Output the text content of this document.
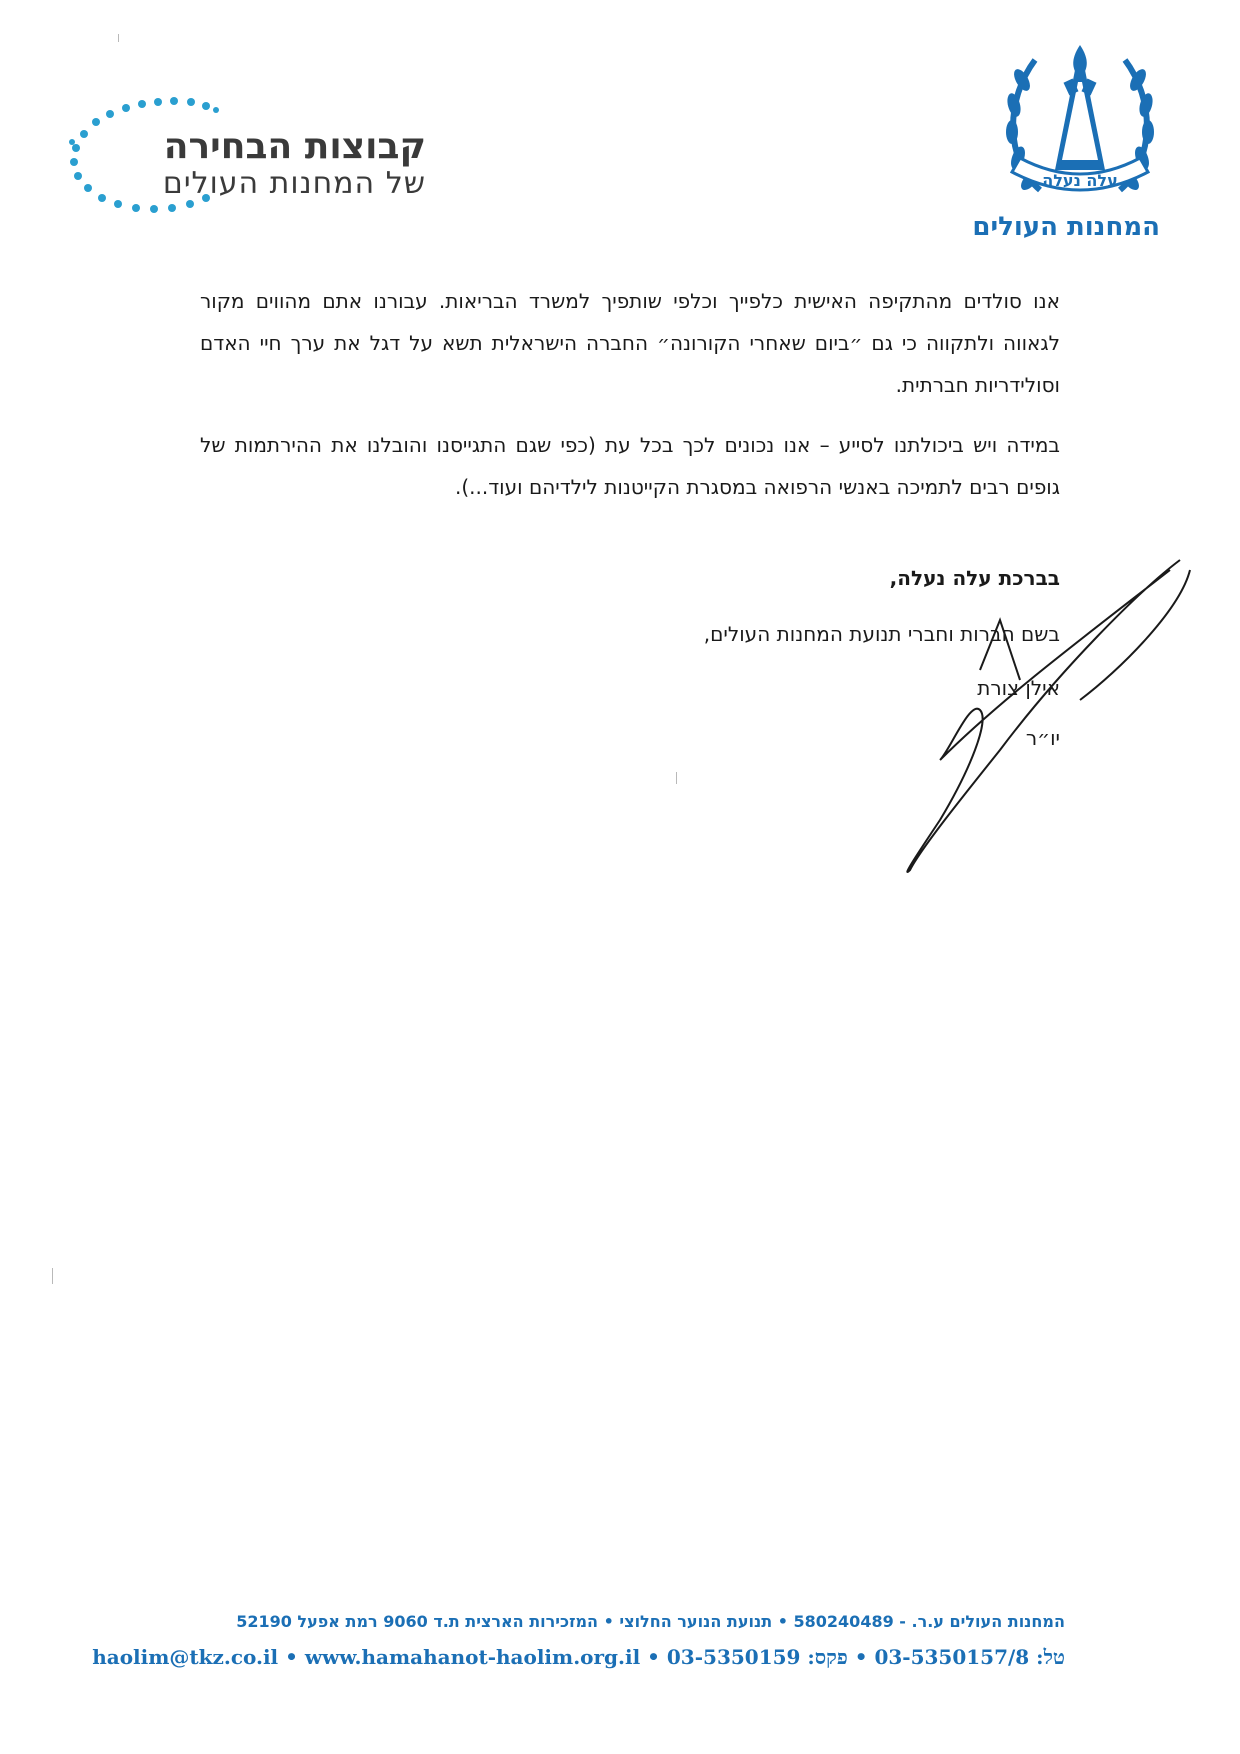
עלה נעלה
המחנות העולים
קבוצות הבחירה
של המחנות העולים

אנו סולדים מהתקיפה האישית כלפייך וכלפי שותפיך למשרד הבריאות. עבורנו אתם מהווים מקור לגאווה ולתקווה כי גם ״ביום שאחרי הקורונה״ החברה הישראלית תשא על דגל את ערך חיי האדם וסולידריות חברתית.

במידה ויש ביכולתנו לסייע – אנו נכונים לכך בכל עת (כפי שגם התגייסנו והובלנו את ההירתמות של גופים רבים לתמיכה באנשי הרפואה במסגרת הקייטנות לילדיהם ועוד...).

בברכת עלה נעלה,
בשם חברות וחברי תנועת המחנות העולים,
אילן צורת
יו״ר
המחנות העולים ע.ר. - 580240489 • תנועת הנוער החלוצי • המזכירות הארצית ת.ד 9060 רמת אפעל 52190
טל: 03-5350157/8 • פקס: 03-5350159 • haolim@tkz.co.il • www.hamahanot-haolim.org.il
